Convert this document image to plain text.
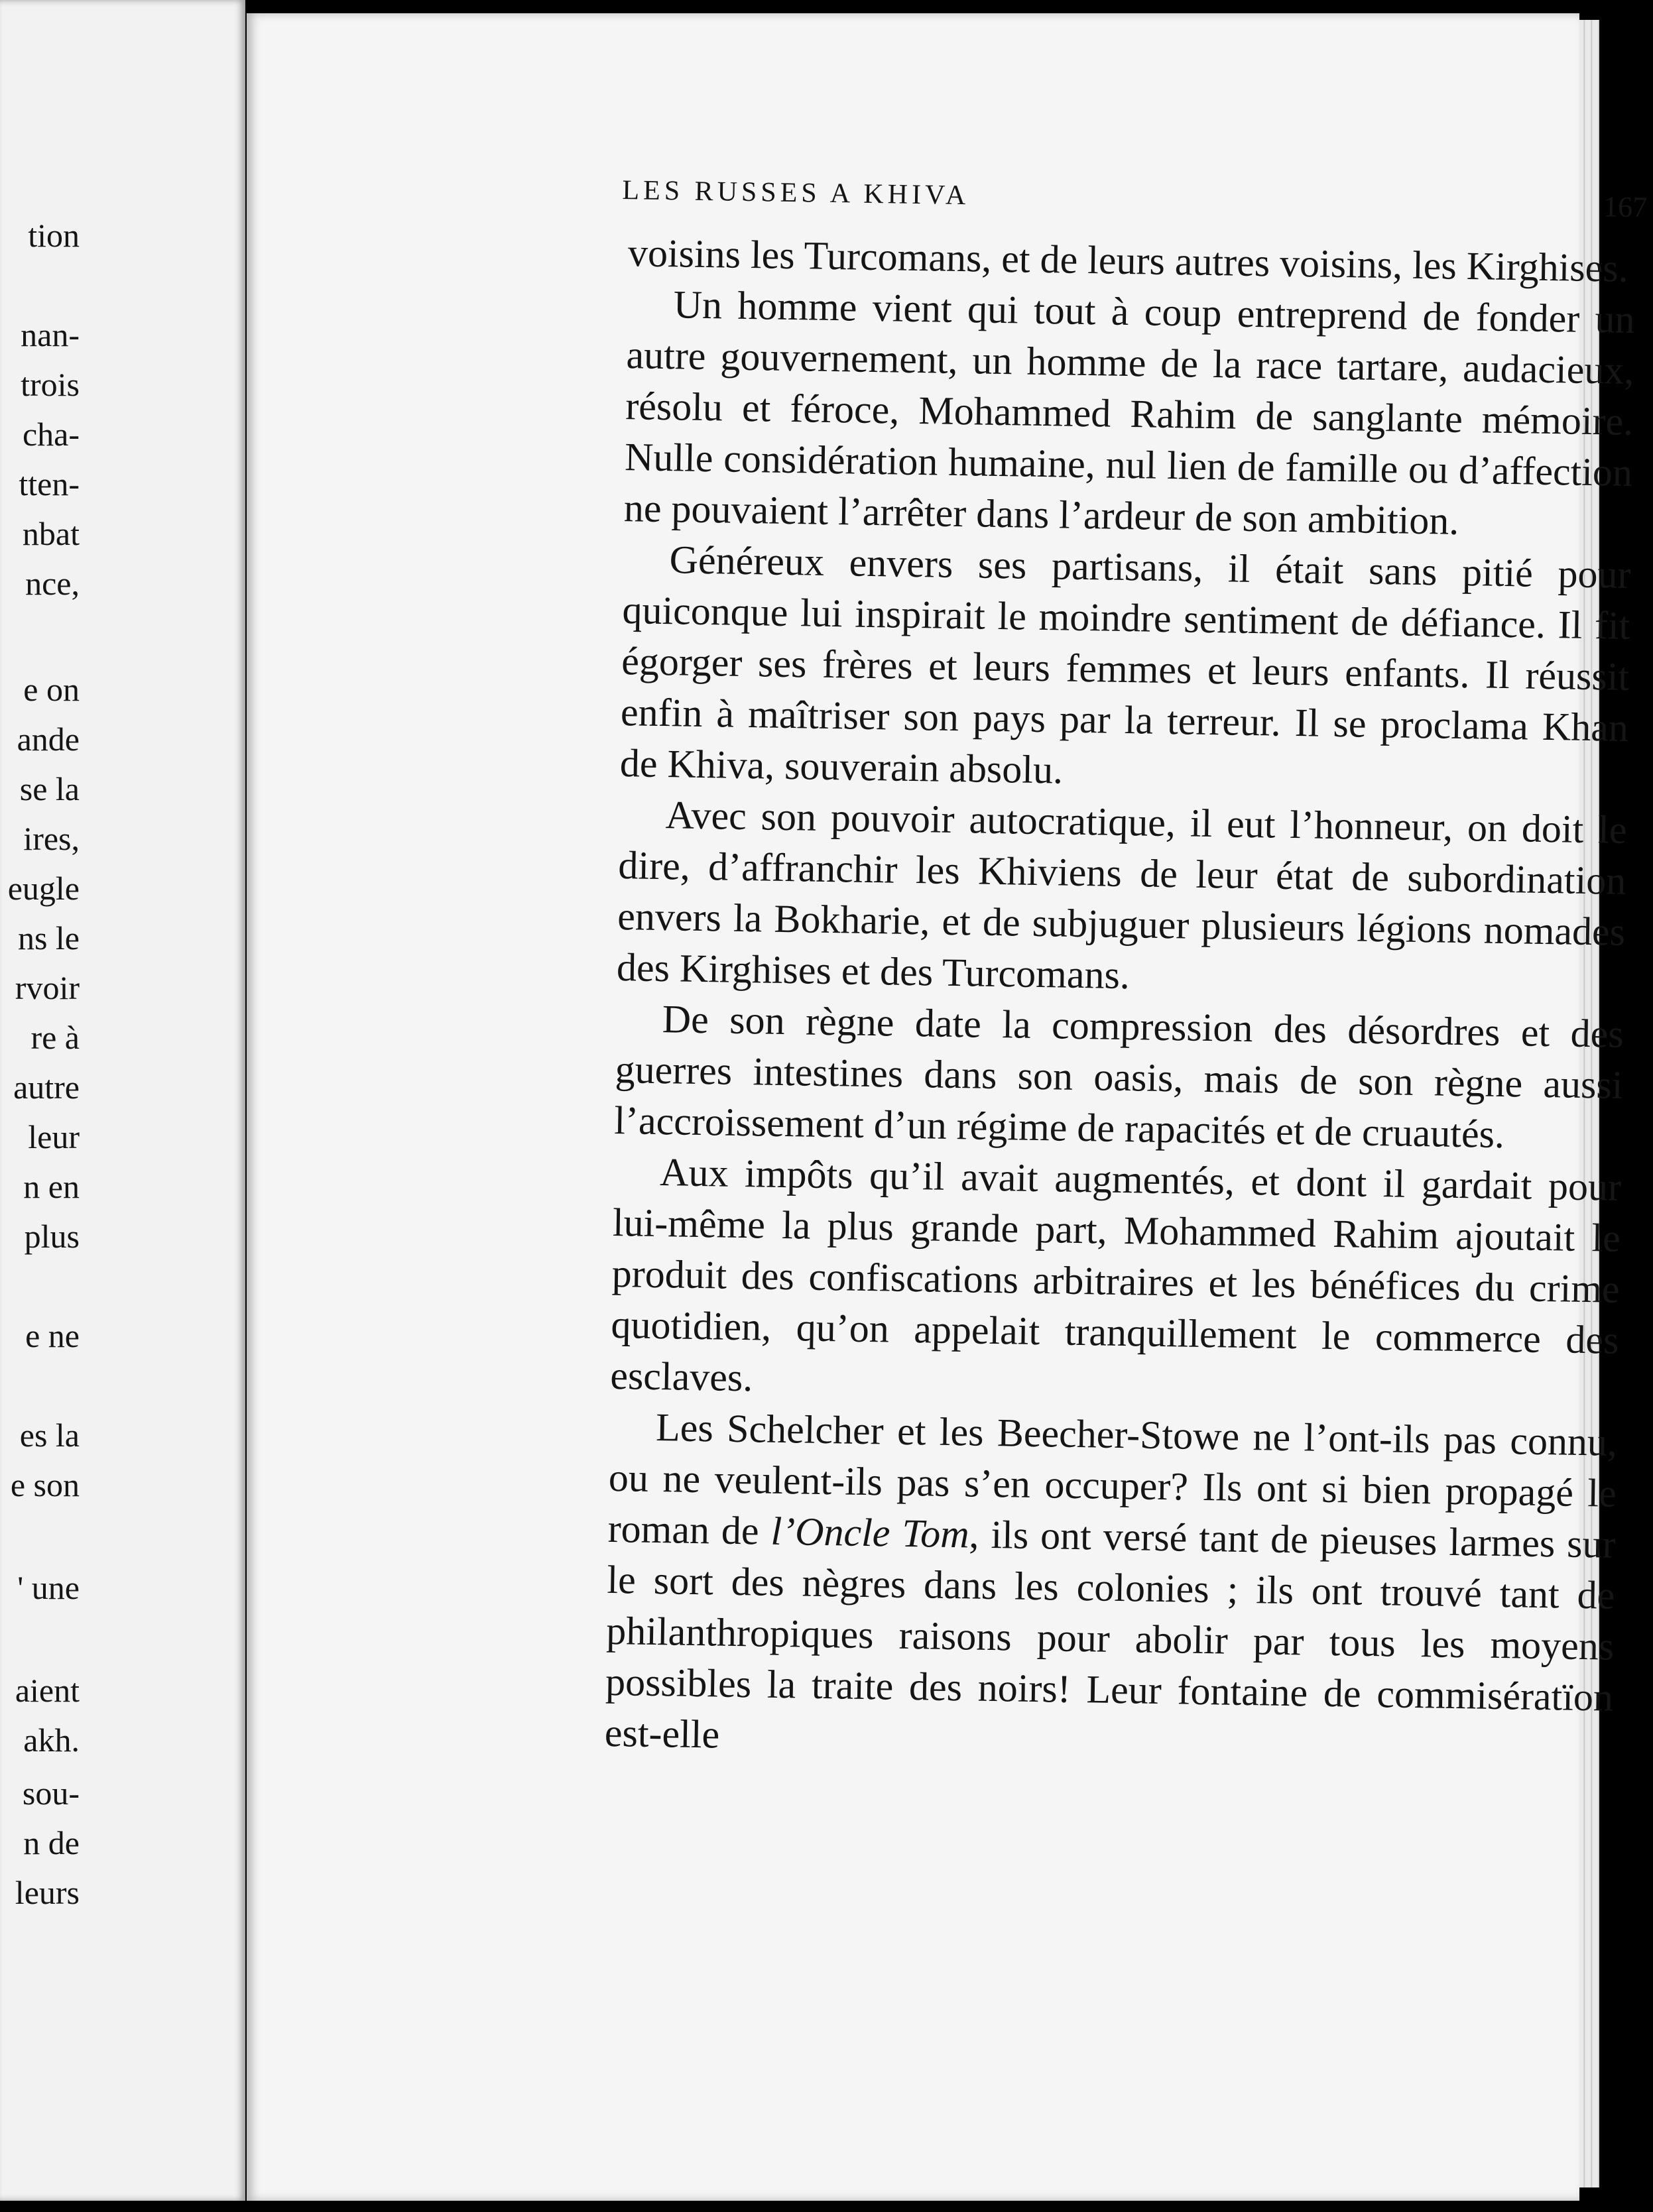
tion
nan-
trois
cha-
tten-
nbat
nce,
e on
ande
se la
ires,
eugle
ns le
rvoir
re à
autre
leur
n en
plus
e ne
es la
e son
' une
aient
akh.
sou-
n de
leurs
LES RUSSES A KHIVA	167

voisins les Turcomans, et de leurs autres voisins, les Kirghises.

Un homme vient qui tout à coup entreprend de fonder un autre gouvernement, un homme de la race tartare, audacieux, résolu et féroce, Mohammed Rahim de sanglante mémoire. Nulle considération humaine, nul lien de famille ou d’affection ne pouvaient l’arrêter dans l’ardeur de son ambition.

Généreux envers ses partisans, il était sans pitié pour quiconque lui inspirait le moindre sentiment de défiance. Il fit égorger ses frères et leurs femmes et leurs enfants. Il réussit enfin à maîtriser son pays par la terreur. Il se proclama Khan de Khiva, souverain absolu.

Avec son pouvoir autocratique, il eut l’honneur, on doit le dire, d’affranchir les Khiviens de leur état de subordination envers la Bokharie, et de subjuguer plusieurs légions nomades des Kirghises et des Turcomans.

De son règne date la compression des désordres et des guerres intestines dans son oasis, mais de son règne aussi l’accroissement d’un régime de rapacités et de cruautés.

Aux impôts qu’il avait augmentés, et dont il gardait pour lui-même la plus grande part, Mohammed Rahim ajoutait le produit des confiscations arbitraires et les bénéfices du crime quotidien, qu’on appelait tranquillement le commerce des esclaves.

Les Schelcher et les Beecher-Stowe ne l’ont-ils pas connu, ou ne veulent-ils pas s’en occuper? Ils ont si bien propagé le roman de l’Oncle Tom, ils ont versé tant de pieuses larmes sur le sort des nègres dans les colonies ; ils ont trouvé tant de philanthropiques raisons pour abolir par tous les moyens possibles la traite des noirs! Leur fontaine de commisératïon est-elle
